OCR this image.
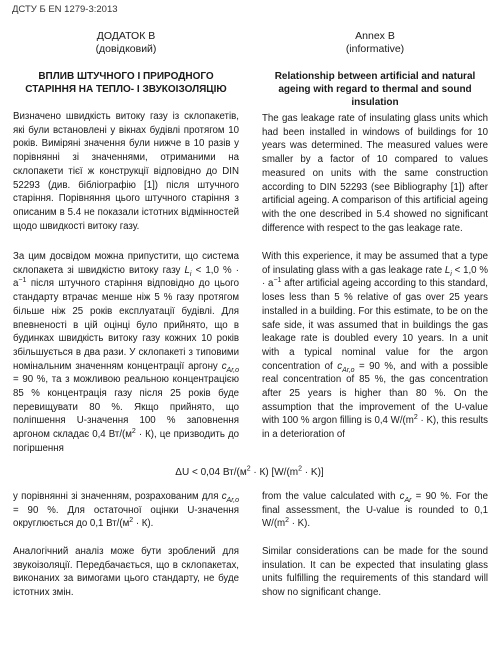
ДСТУ Б EN 1279-3:2013
ДОДАТОК В
(довідковий)
ВПЛИВ ШТУЧНОГО І ПРИРОДНОГО СТАРІННЯ НА ТЕПЛО- І ЗВУКОІЗОЛЯЦІЮ

Визначено швидкість витоку газу із склопакетів, які були встановлені у вікнах будівлі протягом 10 років. Виміряні значення були нижче в 10 разів у порівнянні зі значеннями, отриманими на склопакети тієї ж конструкції відповідно до DIN 52293 (див. бібліографію [1]) після штучного старіння. Порівняння цього штучного старіння з описаним в 5.4 не показали істотних відмінностей щодо швидкості витоку газу.

За цим досвідом можна припустити, що система склопакета зі швидкістю витоку газу $L_i < 1,0$ % · $а^{-1}$ після штучного старіння відповідно до цього стандарту втрачає менше ніж 5 % газу протягом більше ніж 25 років експлуатації будівлі. Для впевненості в цій оцінці було прийнято, що в будинках швидкість витоку газу кожних 10 років збільшується в два рази. У склопакеті з типовими номінальним значенням концентрації аргону $c_{Ar,o} = 90$ %, та з можливою реальною концентрацією 85 % концентрація газу після 25 років буде перевищувати 80 %. Якщо прийнято, що поліпшення U-значення 100 % заповнення аргоном складає 0,4 $Вт/(м^2 \cdot К)$, це призводить до погіршення

у порівнянні зі значенням, розрахованим для $c_{Ar,o} = 90$ %. Для остаточної оцінки U-значення округлюється до 0,1 $Вт/(м^2 \cdot К)$.

Аналогічний аналіз може бути зроблений для звукоізоляції. Передбачається, що в склопакетах, виконаних за вимогами цього стандарту, не буде істотних змін.

Annex B
(informative)
Relationship between artificial and natural ageing with regard to thermal and sound insulation

The gas leakage rate of insulating glass units which had been installed in windows of buildings for 10 years was determined. The measured values were smaller by a factor of 10 compared to values measured on units with the same construction according to DIN 52293 (see Bibliography [1]) after artificial ageing. A comparison of this artificial ageing with the one described in 5.4 showed no significant difference with respect to the gas leakage rate.

With this experience, it may be assumed that a type of insulating glass with a gas leakage rate $L_i < 1,0$ % · $a^{-1}$ after artificial ageing according to this standard, loses less than 5 % relative of gas over 25 years installed in a building. For this estimate, to be on the safe side, it was assumed that in buildings the gas leakage rate is doubled every 10 years. In a unit with a typical nominal value for the argon concentration of $c_{Ar,o} = 90$ %, and with a possible real concentration of 85 %, the gas concentration after 25 years is higher than 80 %. On the assumption that the improvement of the U-value with 100 % argon filling is 0,4 $W/(m^2 \cdot K)$, this results in a deterioration of

from the value calculated with $c_{Ar} = 90$ %. For the final assessment, the U-value is rounded to 0,1 $W/(m^2 \cdot K)$.

Similar considerations can be made for the sound insulation. It can be expected that insulating glass units fulfilling the requirements of this standard will show no significant change.

ΔU < 0,04 $Вт/(м^2 \cdot К) [W/(m^2 \cdot K)]$
